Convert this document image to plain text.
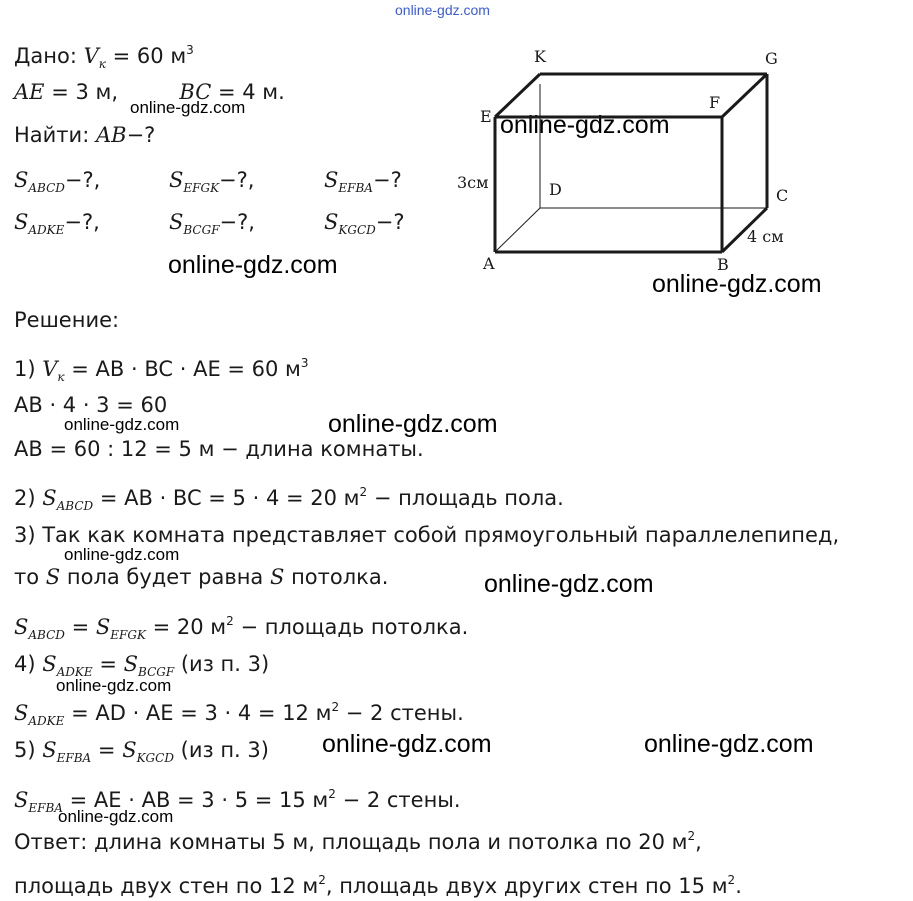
online-gdz.com
online-gdz.com
online-gdz.com
online-gdz.com
online-gdz.com
online-gdz.com	online-gdz.com
online-gdz.com
online-gdz.com
online-gdz.com
online-gdz.com	online-gdz.com
online-gdz.com
Дано: $V_к = 60$ $м^3$
AE = 3 м,	BC = 4 м.
Найти: AB−?
$S_{ABCD}-$?,	$S_{EFGK}-$?,	$S_{EFBA}-$?
$S_{ADKE}-$?,	$S_{BCGF}-$?,	$S_{KGCD}-$?
K	G
E
F
D	C
A	B
3см
4 см
Решение:
1) $V_к$ = AB · BC · AE = 60 $м^3$
AB · 4 · 3 = 60
AB = 60 : 12 = 5 м − длина комнаты.
2) $S_{ABCD}$ = AB · BC = 5 · 4 = 20 $м^2$ − площадь пола.
3) Так как комната представляет собой прямоугольный параллелепипед,
то S пола будет равна S потолка.
$S_{ABCD} = S_{EFGK} = 20$ $м^2$ − площадь потолка.
4) $S_{ADKE} = S_{BCGF}$ (из п. 3)
$S_{ADKE}$ = AD · AE = 3 · 4 = 12 $м^2 - 2$ стены.
5) $S_{EFBA} = S_{KGCD}$ (из п. 3)
$S_{EFBA}$ = AE · AB = 3 · 5 = 15 $м^2 - 2$ стены.
Ответ: длина комнаты 5 м, площадь пола и потолка по 20 $м^2$,
площадь двух стен по 12 $м^2$, площадь двух других стен по 15 $м^2$.
